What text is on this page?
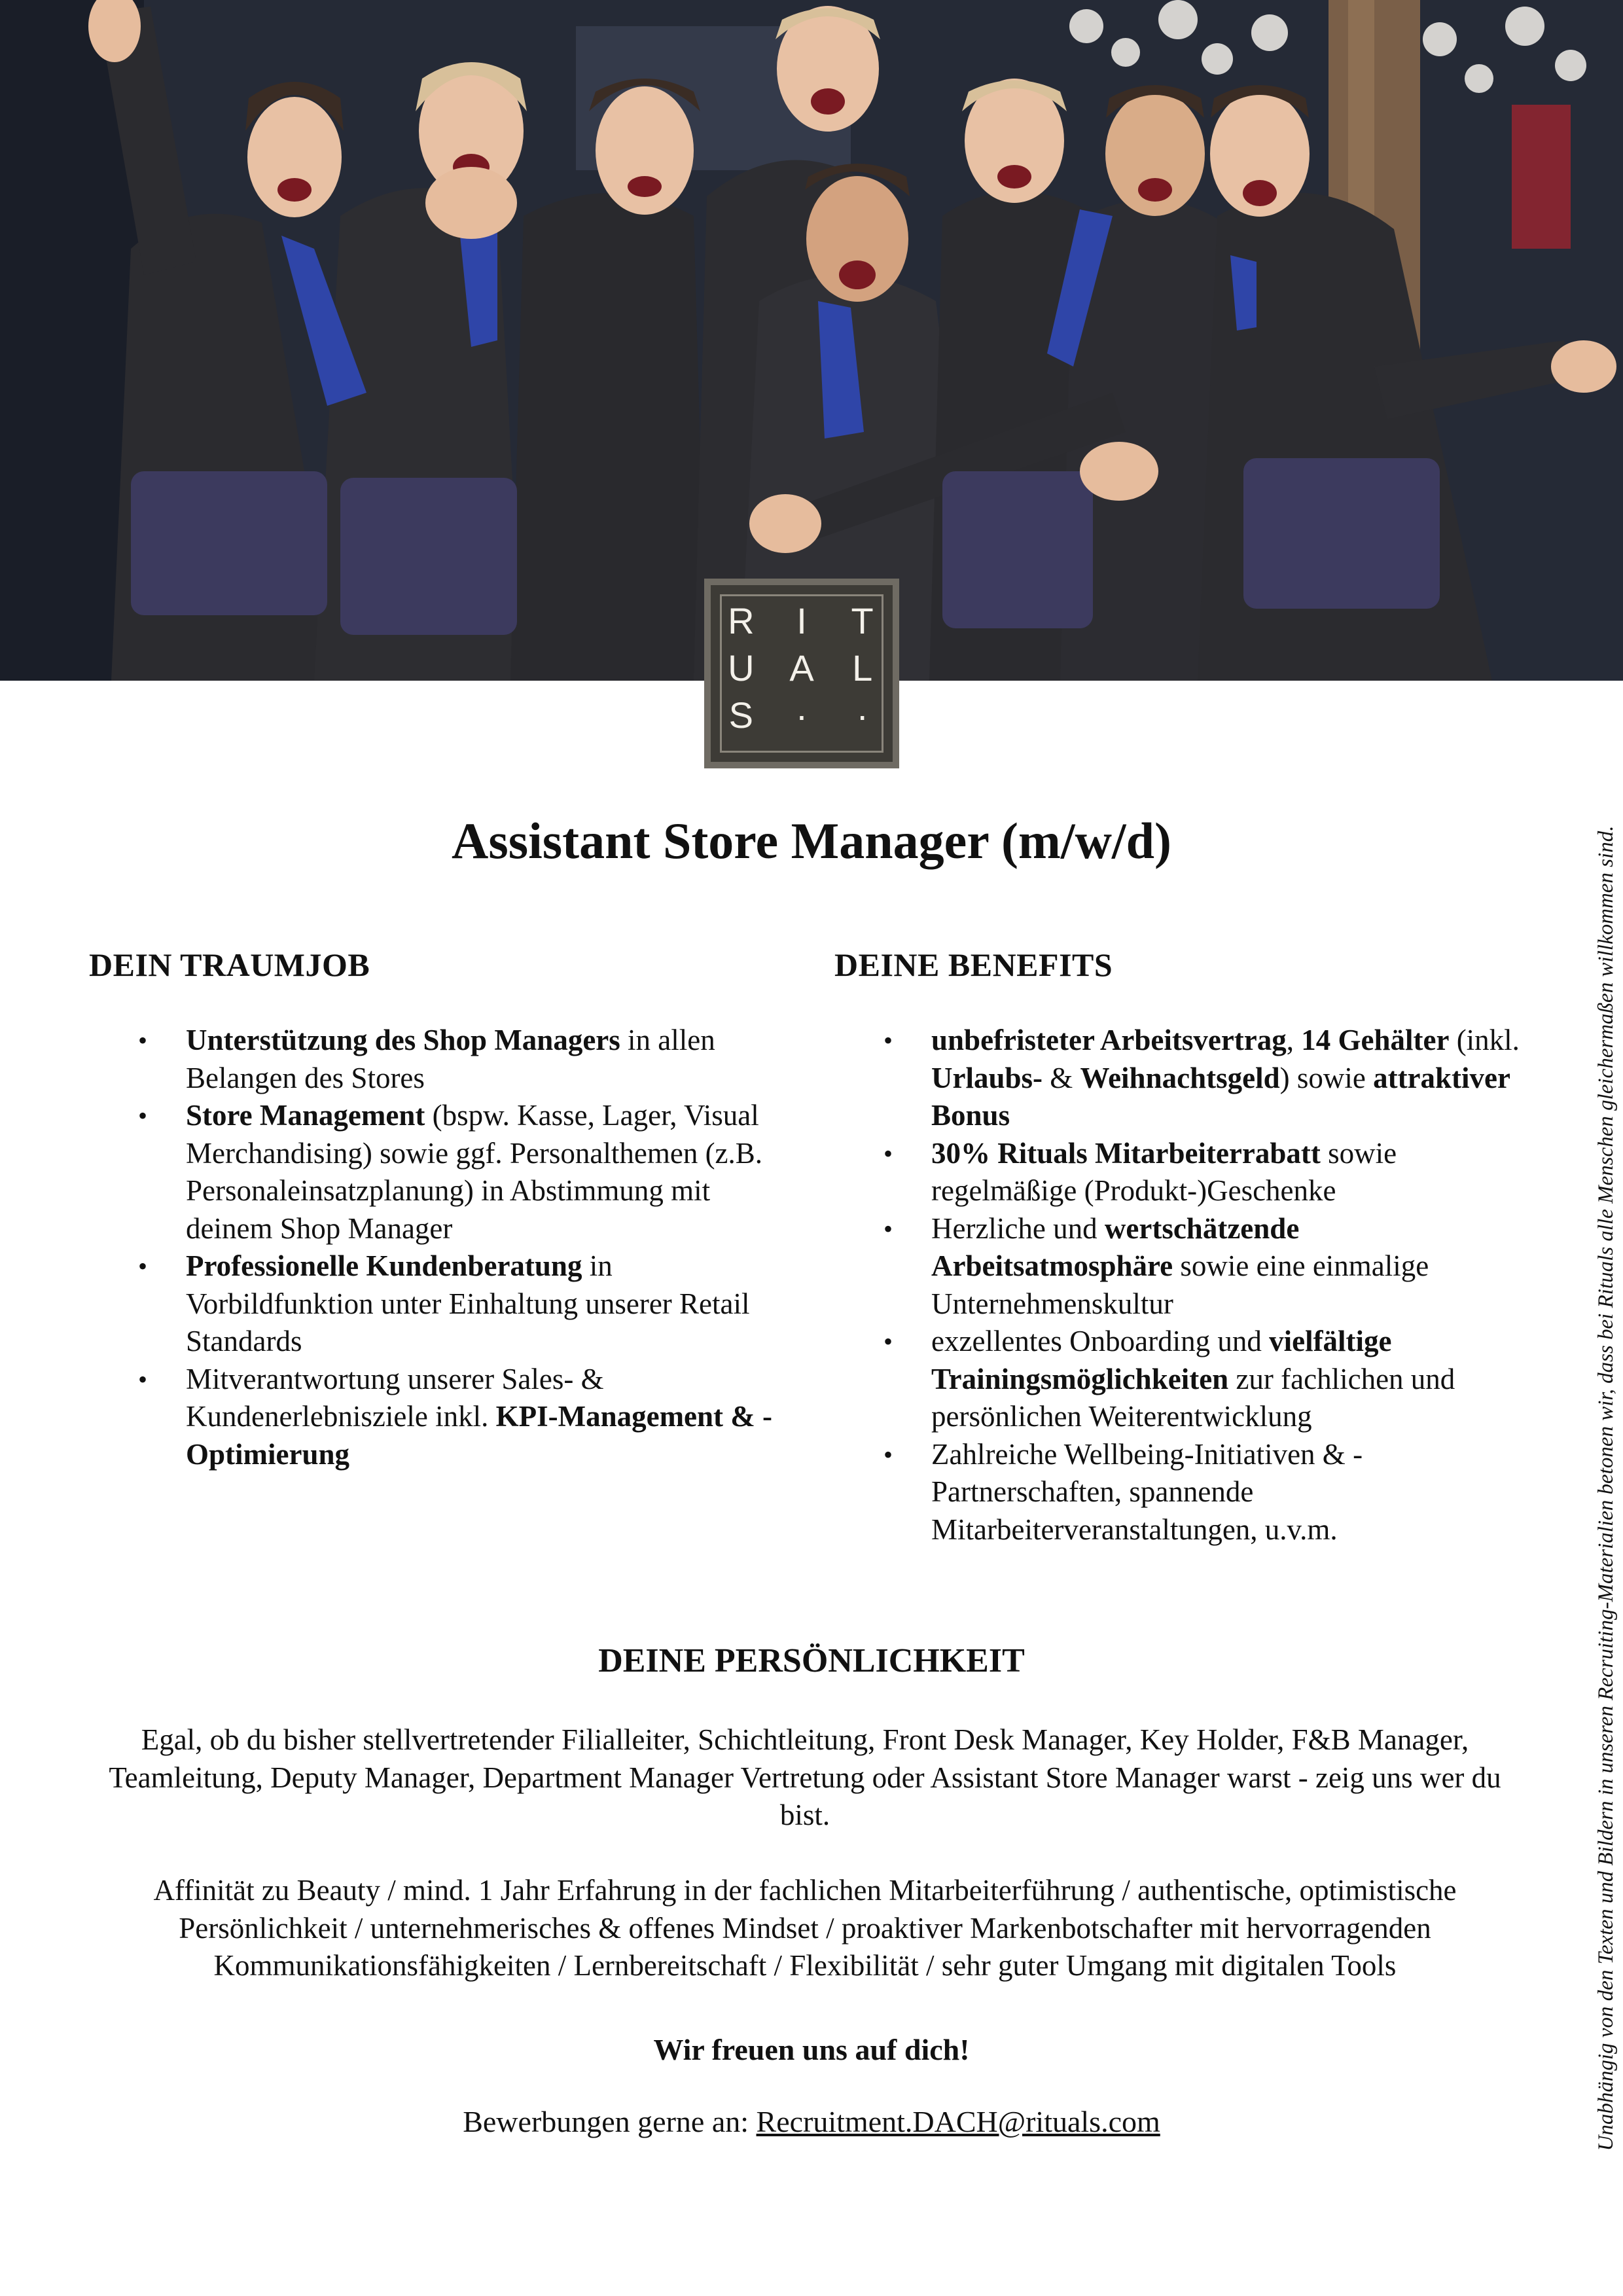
R	I	T
U A	L
S	·	·
Assistant Store Manager (m/w/d)
DEIN TRAUMJOB
• Unterstützung des Shop Managers in allen Belangen des Stores
• Store Management (bspw. Kasse, Lager, Visual Merchandising) sowie ggf. Personalthemen (z.B. Personaleinsatzplanung) in Abstimmung mit deinem Shop Manager
• Professionelle Kundenberatung in Vorbildfunktion unter Einhaltung unserer Retail Standards
• Mitverantwortung unserer Sales- & Kundenerlebnisziele inkl. KPI-Management & -Optimierung
DEINE BENEFITS
• unbefristeter Arbeitsvertrag, 14 Gehälter (inkl. Urlaubs- & Weihnachtsgeld) sowie attraktiver Bonus
• 30% Rituals Mitarbeiterrabatt sowie regelmäßige (Produkt-)Geschenke
• Herzliche und wertschätzende Arbeitsatmosphäre sowie eine einmalige Unternehmenskultur
• exzellentes Onboarding und vielfältige Trainingsmöglichkeiten zur fachlichen und persönlichen Weiterentwicklung
• Zahlreiche Wellbeing-Initiativen & -Partnerschaften, spannende Mitarbeiterveranstaltungen, u.v.m.
DEINE PERSÖNLICHKEIT

Egal, ob du bisher stellvertretender Filialleiter, Schichtleitung, Front Desk Manager, Key Holder, F&B Manager, Teamleitung, Deputy Manager, Department Manager Vertretung oder Assistant Store Manager warst - zeig uns wer du bist.

Affinität zu Beauty / mind. 1 Jahr Erfahrung in der fachlichen Mitarbeiterführung / authentische, optimistische Persönlichkeit / unternehmerisches & offenes Mindset / proaktiver Markenbotschafter mit hervorragenden Kommunikationsfähigkeiten / Lernbereitschaft / Flexibilität / sehr guter Umgang mit digitalen Tools

Wir freuen uns auf dich!

Bewerbungen gerne an: Recruitment.DACH@rituals.com	Unabhängig von den Texten und Bildern in unseren Recruiting-Materialien betonen wir, dass bei Rituals alle Menschen gleichermaßen willkommen sind.
